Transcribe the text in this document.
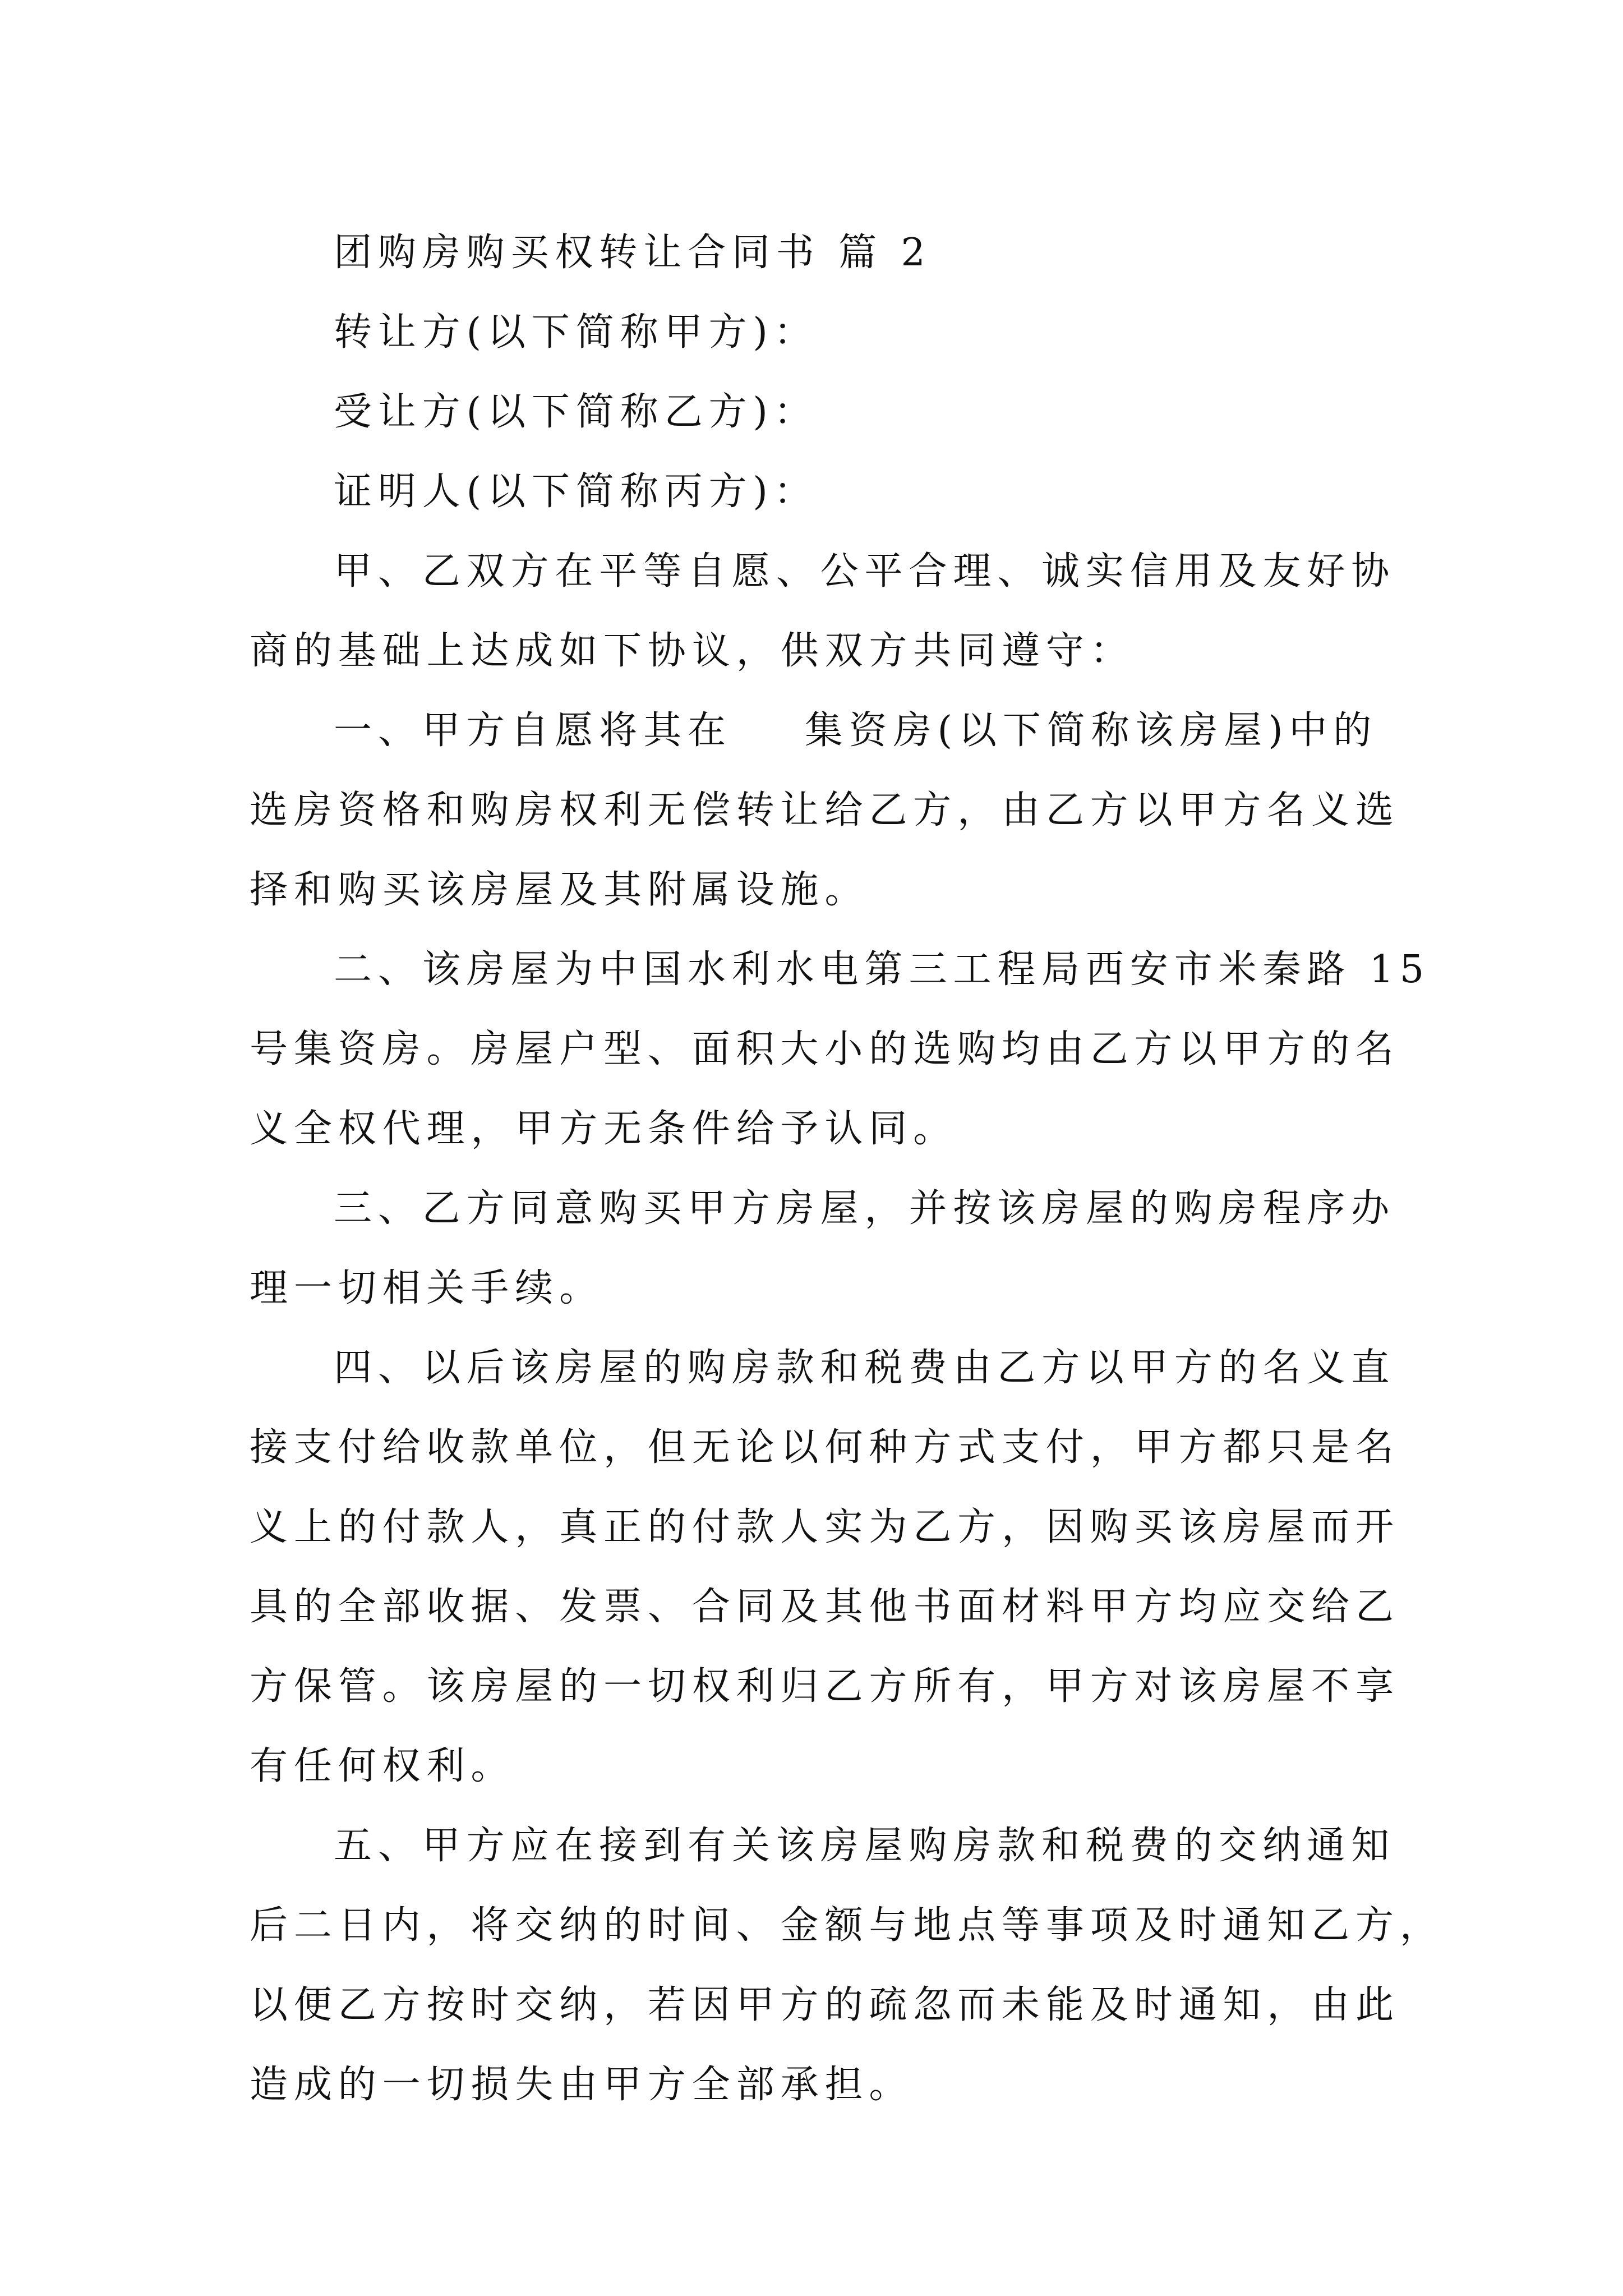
团购房购买权转让合同书 篇 2
转让方(以下简称甲方)：
受让方(以下简称乙方)：
证明人(以下简称丙方)：
甲、乙双方在平等自愿、公平合理、诚实信用及友好协
商的基础上达成如下协议，供双方共同遵守：
一、甲方自愿将其在    集资房(以下简称该房屋)中的
选房资格和购房权利无偿转让给乙方，由乙方以甲方名义选
择和购买该房屋及其附属设施。
二、该房屋为中国水利水电第三工程局西安市米秦路 15
号集资房。房屋户型、面积大小的选购均由乙方以甲方的名
义全权代理，甲方无条件给予认同。
三、乙方同意购买甲方房屋，并按该房屋的购房程序办
理一切相关手续。
四、以后该房屋的购房款和税费由乙方以甲方的名义直
接支付给收款单位，但无论以何种方式支付，甲方都只是名
义上的付款人，真正的付款人实为乙方，因购买该房屋而开
具的全部收据、发票、合同及其他书面材料甲方均应交给乙
方保管。该房屋的一切权利归乙方所有，甲方对该房屋不享
有任何权利。
五、甲方应在接到有关该房屋购房款和税费的交纳通知
后二日内，将交纳的时间、金额与地点等事项及时通知乙方，
以便乙方按时交纳，若因甲方的疏忽而未能及时通知，由此
造成的一切损失由甲方全部承担。
